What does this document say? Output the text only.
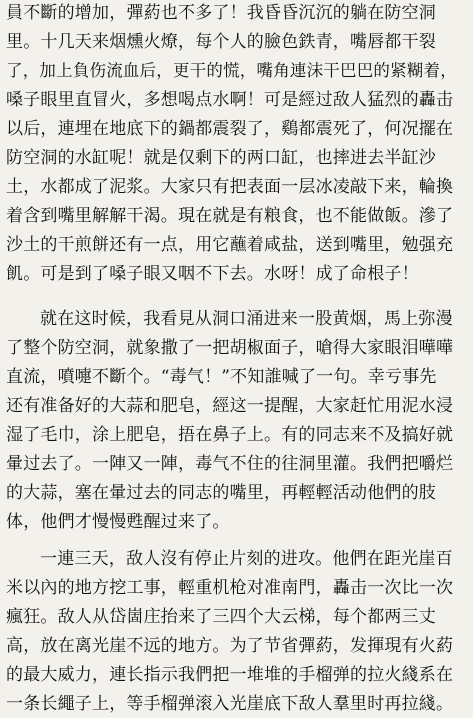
員不斷的增加，彈葯也不多了！我昏昏沉沉的躺在防空洞
里。十几天来烟燻火燎，每个人的臉色鉄青，嘴唇都干裂
了，加上負伤流血后，更干的慌，嘴角連沫干巴巴的紧糊着，
嗓子眼里直冒火，多想喝点水啊！可是經过敌人猛烈的轟击
以后，連埋在地底下的鍋都震裂了，鷄都震死了，何况擺在
防空洞的水缸呢！就是仅剩下的两口缸，也摔进去半缸沙
土，水都成了泥浆。大家只有把表面一层冰凌敲下来，輪換
着含到嘴里解解干渴。現在就是有粮食，也不能做飯。滲了
沙土的干煎餅还有一点，用它蘸着咸盐，送到嘴里，勉强充
飢。可是到了嗓子眼又咽不下去。水呀！成了命根子！
就在这时候，我看見从洞口涌进来一股黄烟，馬上弥漫
了整个防空洞，就象撒了一把胡椒面子，嗆得大家眼泪嘩嘩
直流，噴嚏不斷个。“毒气！”不知誰喊了一句。幸亏事先
还有准备好的大蒜和肥皂，經这一提醒，大家赶忙用泥水浸
湿了毛巾，涂上肥皂，捂在鼻子上。有的同志来不及搞好就
暈过去了。一陣又一陣，毒气不住的往洞里灌。我們把嚼烂
的大蒜，塞在暈过去的同志的嘴里，再輕輕活动他們的肢
体，他們才慢慢甦醒过来了。
一連三天，敌人沒有停止片刻的进攻。他們在距光崖百
米以內的地方挖工事，輕重机枪对准南門，轟击一次比一次
瘋狂。敌人从岱崮庄抬来了三四个大云梯，每个都两三丈
高，放在离光崖不远的地方。为了节省彈葯，发揮現有火葯
的最大威力，連长指示我們把一堆堆的手榴弹的拉火綫系在
一条长繩子上，等手榴弹滚入光崖底下敌人羣里时再拉綫。
